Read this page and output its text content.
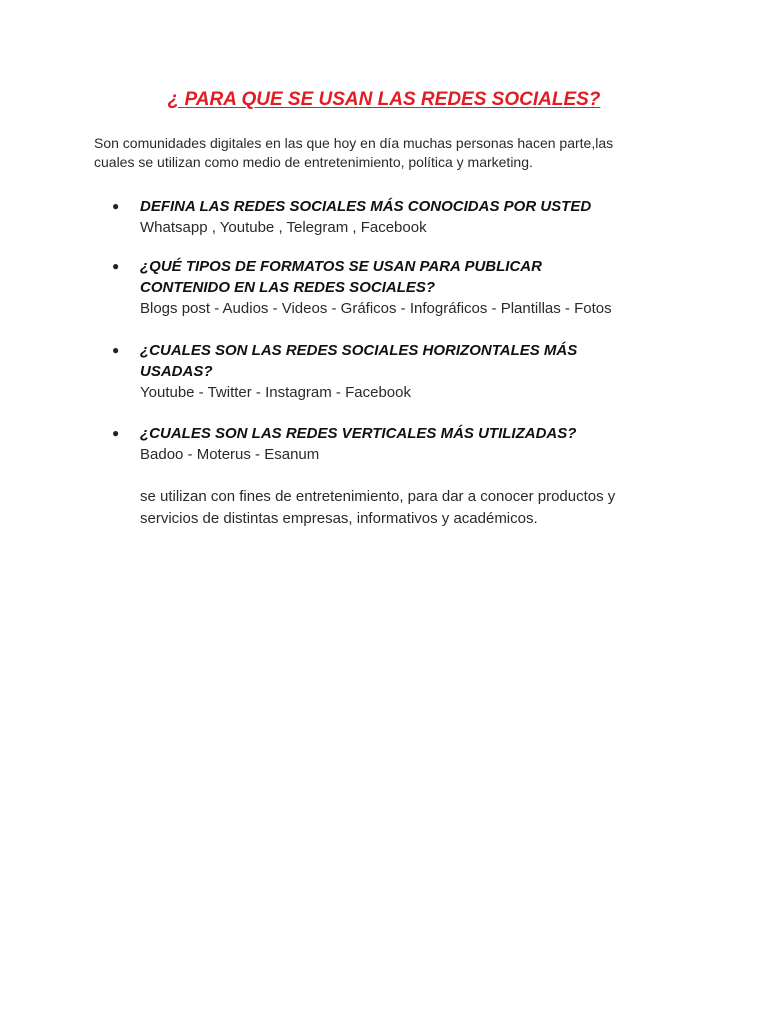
¿ PARA QUE SE USAN LAS REDES SOCIALES?

Son comunidades digitales en las que hoy en día muchas personas hacen parte,las
cuales se utilizan como medio de entretenimiento, política y marketing.

● DEFINA LAS REDES SOCIALES MÁS CONOCIDAS POR USTED
Whatsapp , Youtube , Telegram , Facebook
● ¿QUÉ TIPOS DE FORMATOS SE USAN PARA PUBLICAR
CONTENIDO EN LAS REDES SOCIALES?
Blogs post - Audios - Videos - Gráficos - Infográficos - Plantillas - Fotos
● ¿CUALES SON LAS REDES SOCIALES HORIZONTALES MÁS
USADAS?
Youtube - Twitter - Instagram - Facebook
● ¿CUALES SON LAS REDES VERTICALES MÁS UTILIZADAS?
Badoo - Moterus - Esanum
se utilizan con fines de entretenimiento, para dar a conocer productos y
servicios de distintas empresas, informativos y académicos.
